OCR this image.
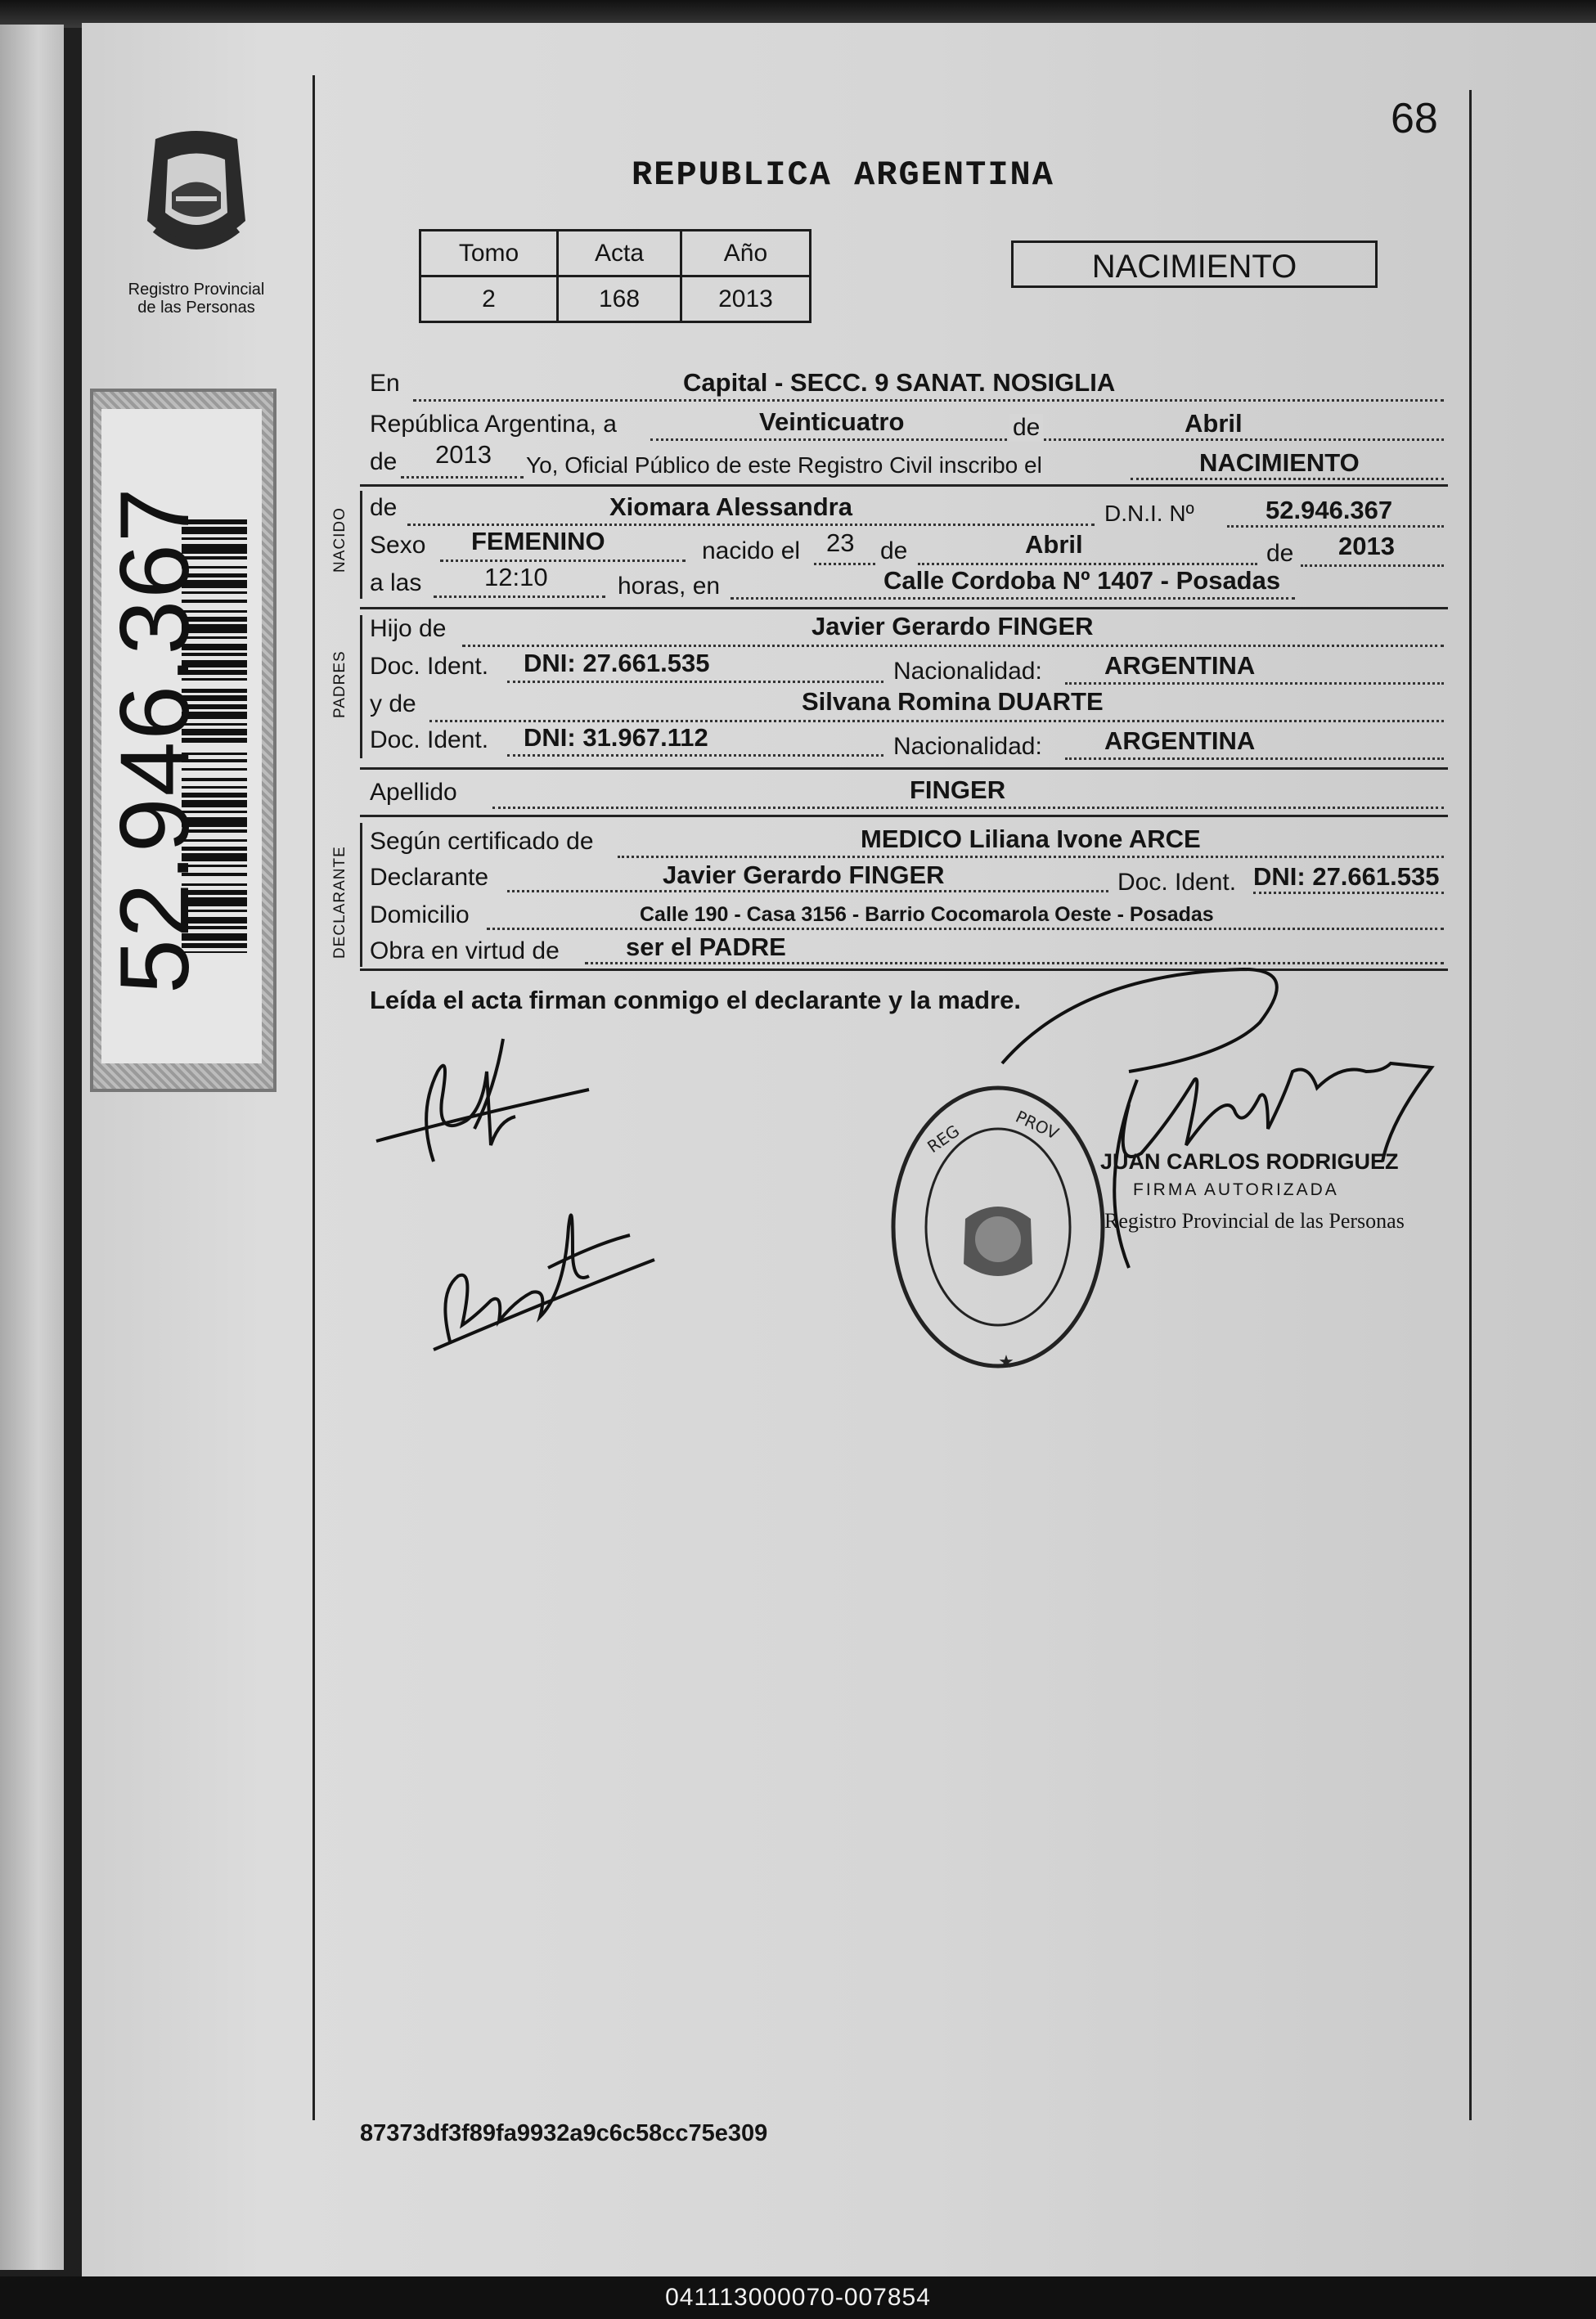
Registro Provincial
de las Personas
52.946.367
68
REPUBLICA ARGENTINA
Tomo	Acta	Año
2	168	2013
NACIMIENTO
En	Capital - SECC. 9 SANAT. NOSIGLIA
República Argentina, a	Veinticuatro	de	Abril
de 2013 Yo, Oficial Público de este Registro Civil inscribo el	NACIMIENTO
NACIDO de	Xiomara Alessandra	D.N.I. Nº	52.946.367
Sexo FEMENINO	nacido el 23 de	Abril	de 2013
a las 12:10	horas, en	Calle Cordoba Nº 1407 - Posadas
PADRES
Hijo de	Javier Gerardo FINGER
Doc. Ident. DNI: 27.661.535	Nacionalidad: ARGENTINA
y de	Silvana Romina DUARTE
Doc. Ident. DNI: 31.967.112	Nacionalidad: ARGENTINA
Apellido	FINGER
DECLARANTE
Según certificado de	MEDICO Liliana Ivone ARCE
Declarante	Javier Gerardo FINGER	Doc. Ident. DNI: 27.661.535
Domicilio	Calle 190 - Casa 3156 - Barrio Cocomarola Oeste - Posadas
Obra en virtud de	ser el PADRE
Leída el acta firman conmigo el declarante y la madre.
★
REG	PROV
JUAN CARLOS RODRIGUEZ
FIRMA AUTORIZADA
Registro Provincial de las Personas
87373df3f89fa9932a9c6c58cc75e309
041113000070-007854
